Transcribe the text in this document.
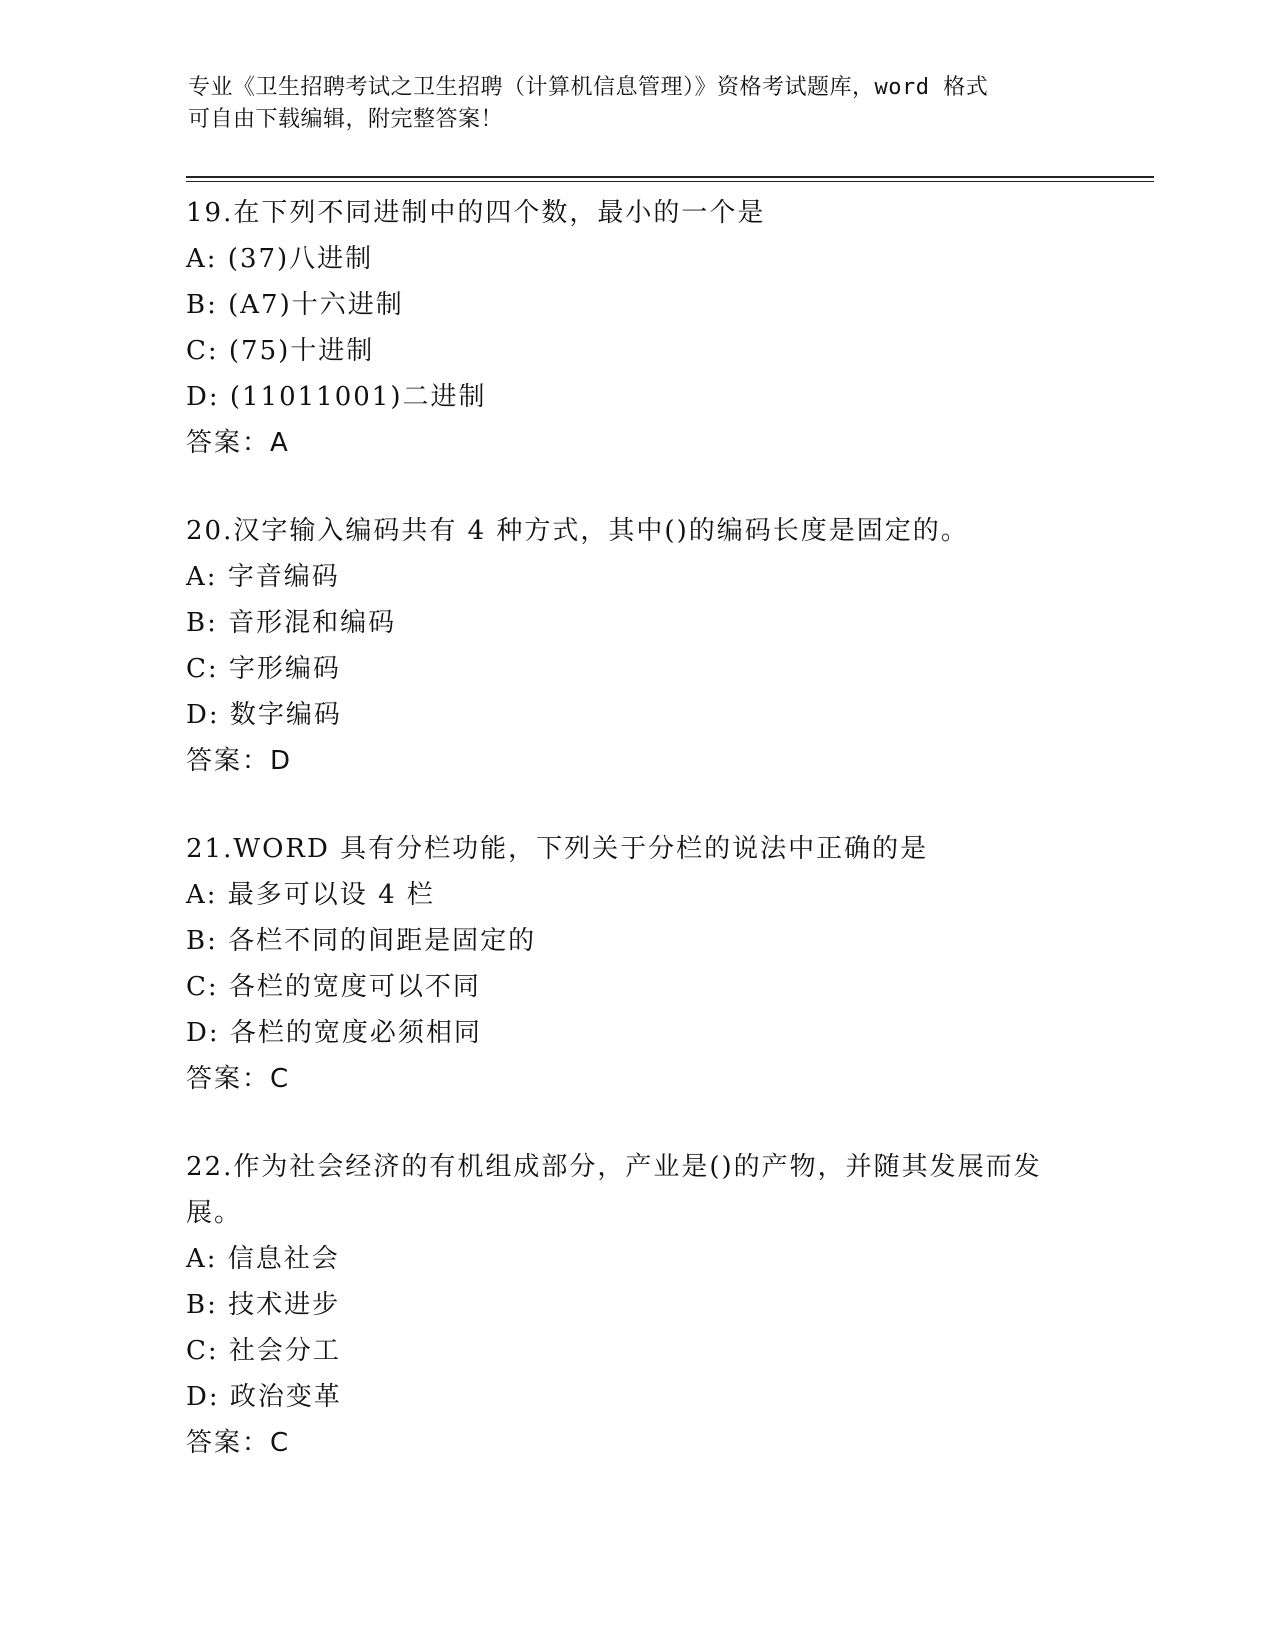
专业《卫生招聘考试之卫生招聘（计算机信息管理）》资格考试题库，word 格式
可自由下载编辑，附完整答案！
19.在下列不同进制中的四个数，最小的一个是
A: (37)八进制
B: (A7)十六进制
C: (75)十进制
D: (11011001)二进制
答案：A
20.汉字输入编码共有 4 种方式，其中()的编码长度是固定的。
A: 字音编码
B: 音形混和编码
C: 字形编码
D: 数字编码
答案：D
21.WORD 具有分栏功能，下列关于分栏的说法中正确的是
A: 最多可以设 4 栏
B: 各栏不同的间距是固定的
C: 各栏的宽度可以不同
D: 各栏的宽度必须相同
答案：C
22.作为社会经济的有机组成部分，产业是()的产物，并随其发展而发展。
A: 信息社会
B: 技术进步
C: 社会分工
D: 政治变革
答案：C
